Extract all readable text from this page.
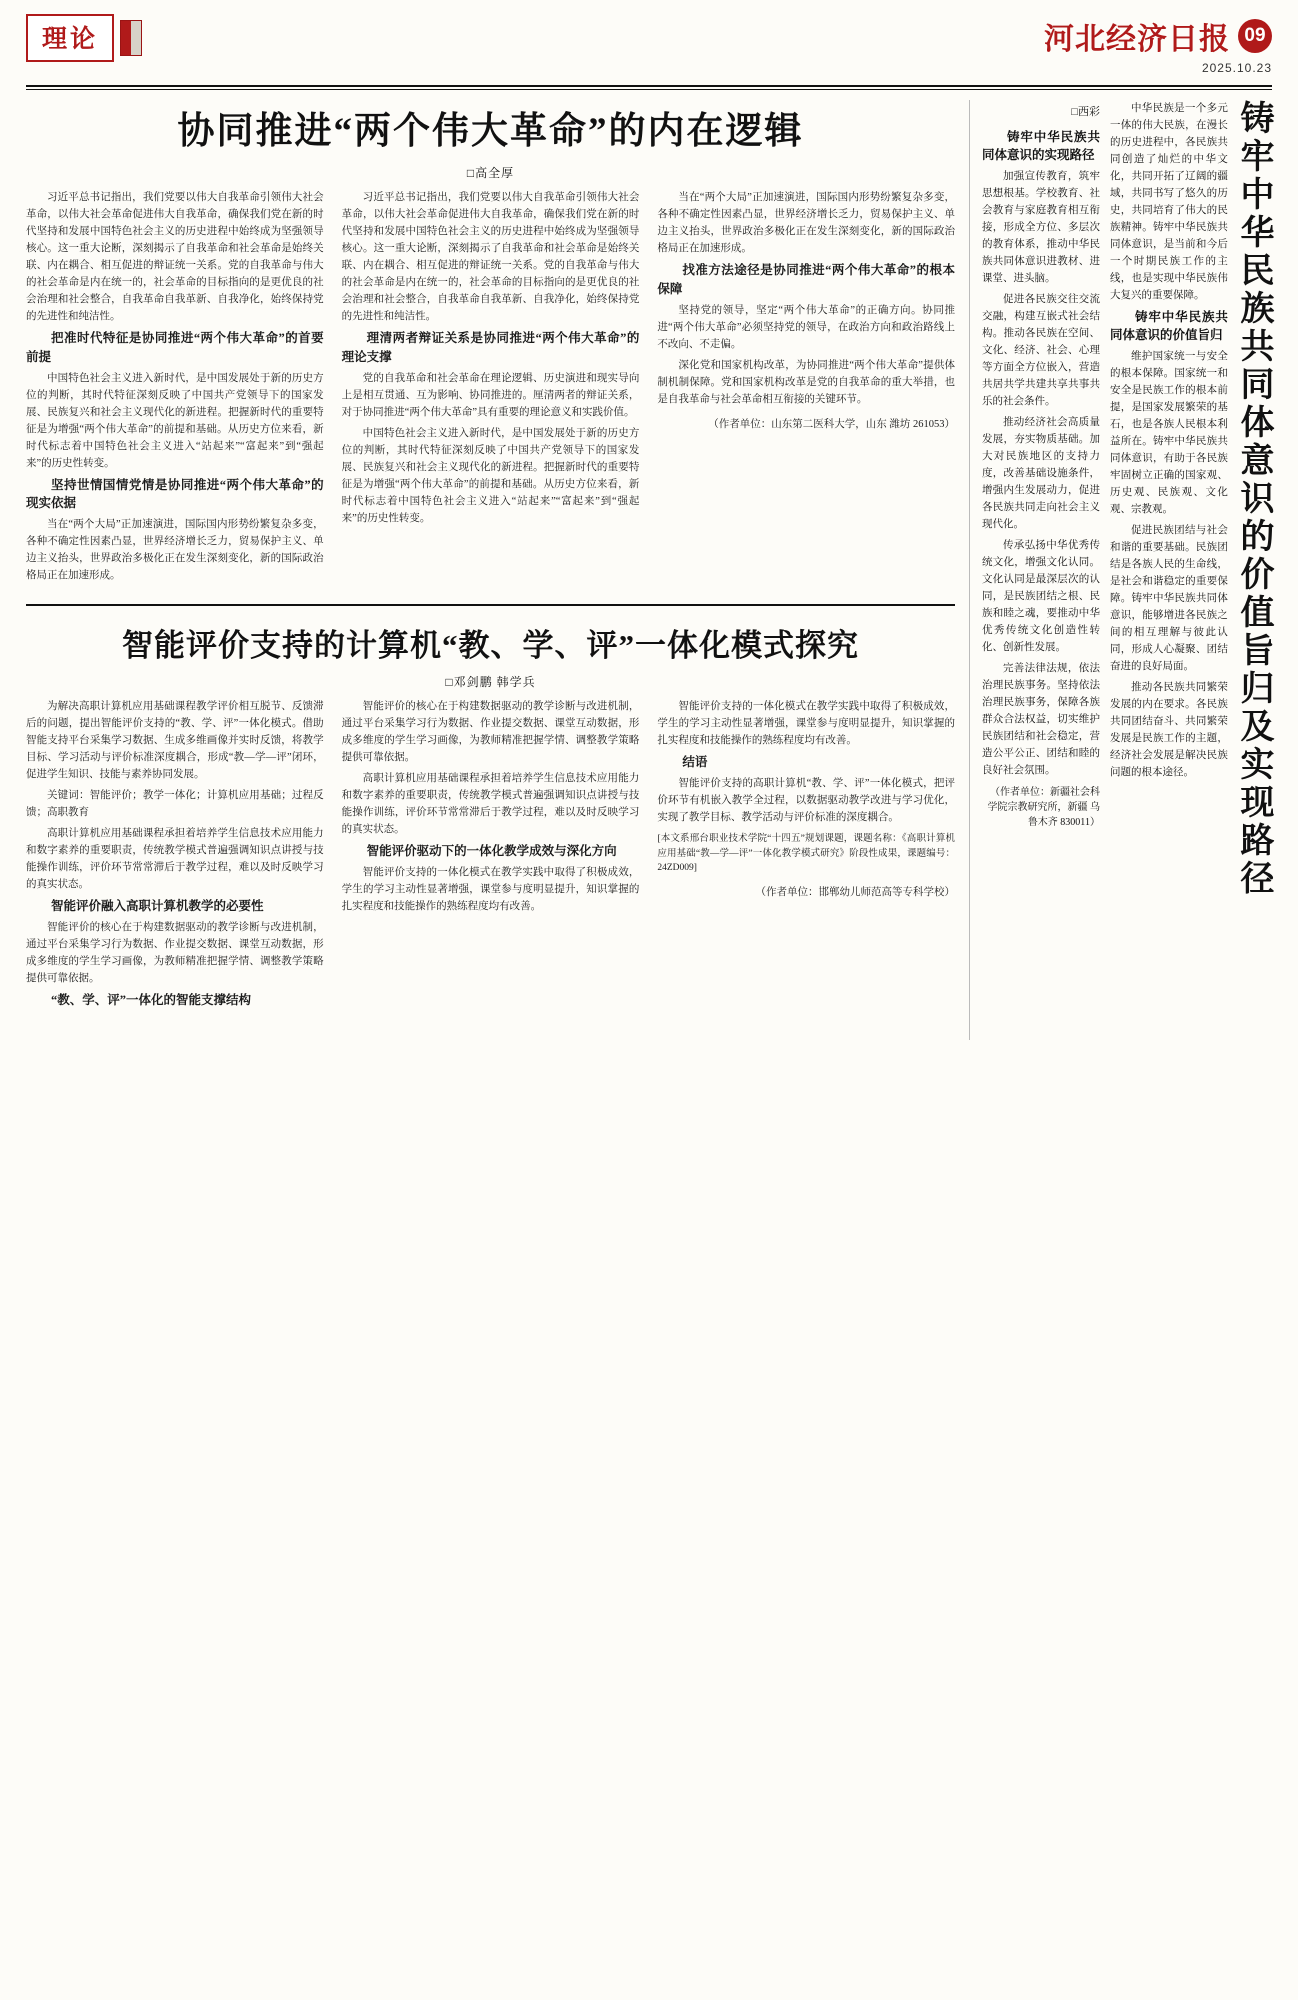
理论	河北经济日报 09
2025.10.23
协同推进“两个伟大革命”的内在逻辑
□高全厚

习近平总书记指出，我们党要以伟大自我革命引领伟大社会革命，以伟大社会革命促进伟大自我革命，确保我们党在新的时代坚持和发展中国特色社会主义的历史进程中始终成为坚强领导核心。这一重大论断，深刻揭示了自我革命和社会革命是始终关联、内在耦合、相互促进的辩证统一关系。党的自我革命与伟大的社会革命是内在统一的，社会革命的目标指向的是更优良的社会治理和社会整合，自我革命自我革新、自我净化，始终保持党的先进性和纯洁性。

把准时代特征是协同推进“两个伟大革命”的首要前提

中国特色社会主义进入新时代，是中国发展处于新的历史方位的判断，其时代特征深刻反映了中国共产党领导下的国家发展、民族复兴和社会主义现代化的新进程。把握新时代的重要特征是为增强“两个伟大革命”的前提和基础。从历史方位来看，新时代标志着中国特色社会主义进入“站起来”“富起来”到“强起来”的历史性转变。

坚持世情国情党情是协同推进“两个伟大革命”的现实依据

当在“两个大局”正加速演进，国际国内形势纷繁复杂多变，各种不确定性因素凸显，世界经济增长乏力，贸易保护主义、单边主义抬头，世界政治多极化正在发生深刻变化，新的国际政治格局正在加速形成。

习近平总书记指出，我们党要以伟大自我革命引领伟大社会革命，以伟大社会革命促进伟大自我革命，确保我们党在新的时代坚持和发展中国特色社会主义的历史进程中始终成为坚强领导核心。这一重大论断，深刻揭示了自我革命和社会革命是始终关联、内在耦合、相互促进的辩证统一关系。党的自我革命与伟大的社会革命是内在统一的，社会革命的目标指向的是更优良的社会治理和社会整合，自我革命自我革新、自我净化，始终保持党的先进性和纯洁性。

理清两者辩证关系是协同推进“两个伟大革命”的理论支撑

党的自我革命和社会革命在理论逻辑、历史演进和现实导向上是相互贯通、互为影响、协同推进的。厘清两者的辩证关系，对于协同推进“两个伟大革命”具有重要的理论意义和实践价值。

中国特色社会主义进入新时代，是中国发展处于新的历史方位的判断，其时代特征深刻反映了中国共产党领导下的国家发展、民族复兴和社会主义现代化的新进程。把握新时代的重要特征是为增强“两个伟大革命”的前提和基础。从历史方位来看，新时代标志着中国特色社会主义进入“站起来”“富起来”到“强起来”的历史性转变。

当在“两个大局”正加速演进，国际国内形势纷繁复杂多变，各种不确定性因素凸显，世界经济增长乏力，贸易保护主义、单边主义抬头，世界政治多极化正在发生深刻变化，新的国际政治格局正在加速形成。

找准方法途径是协同推进“两个伟大革命”的根本保障

坚持党的领导，坚定“两个伟大革命”的正确方向。协同推进“两个伟大革命”必须坚持党的领导，在政治方向和政治路线上不改向、不走偏。

深化党和国家机构改革，为协同推进“两个伟大革命”提供体制机制保障。党和国家机构改革是党的自我革命的重大举措，也是自我革命与社会革命相互衔接的关键环节。

（作者单位：山东第二医科大学，山东 潍坊 261053）
智能评价支持的计算机“教、学、评”一体化模式探究
□邓剑鹏 韩学兵

为解决高职计算机应用基础课程教学评价相互脱节、反馈滞后的问题，提出智能评价支持的“教、学、评”一体化模式。借助智能支持平台采集学习数据、生成多维画像并实时反馈，将教学目标、学习活动与评价标准深度耦合，形成“教—学—评”闭环，促进学生知识、技能与素养协同发展。

关键词：智能评价；教学一体化；计算机应用基础；过程反馈；高职教育

高职计算机应用基础课程承担着培养学生信息技术应用能力和数字素养的重要职责，传统教学模式普遍强调知识点讲授与技能操作训练，评价环节常常滞后于教学过程，难以及时反映学习的真实状态。

智能评价融入高职计算机教学的必要性

智能评价的核心在于构建数据驱动的教学诊断与改进机制，通过平台采集学习行为数据、作业提交数据、课堂互动数据，形成多维度的学生学习画像，为教师精准把握学情、调整教学策略提供可靠依据。

“教、学、评”一体化的智能支撑结构

智能评价的核心在于构建数据驱动的教学诊断与改进机制，通过平台采集学习行为数据、作业提交数据、课堂互动数据，形成多维度的学生学习画像，为教师精准把握学情、调整教学策略提供可靠依据。

高职计算机应用基础课程承担着培养学生信息技术应用能力和数字素养的重要职责，传统教学模式普遍强调知识点讲授与技能操作训练，评价环节常常滞后于教学过程，难以及时反映学习的真实状态。

智能评价驱动下的一体化教学成效与深化方向

智能评价支持的一体化模式在教学实践中取得了积极成效，学生的学习主动性显著增强，课堂参与度明显提升，知识掌握的扎实程度和技能操作的熟练程度均有改善。

智能评价支持的一体化模式在教学实践中取得了积极成效，学生的学习主动性显著增强，课堂参与度明显提升，知识掌握的扎实程度和技能操作的熟练程度均有改善。

结语

智能评价支持的高职计算机“教、学、评”一体化模式，把评价环节有机嵌入教学全过程，以数据驱动教学改进与学习优化，实现了教学目标、教学活动与评价标准的深度耦合。

[本文系邢台职业技术学院“十四五”规划课题，课题名称：《高职计算机应用基础“教—学—评”一体化教学模式研究》阶段性成果，课题编号：24ZD009]
（作者单位：邯郸幼儿师范高等专科学校）	铸牢中华民族共同体意识的价值旨归及实现路径

中华民族是一个多元一体的伟大民族，在漫长的历史进程中，各民族共同创造了灿烂的中华文化，共同开拓了辽阔的疆域，共同书写了悠久的历史，共同培育了伟大的民族精神。铸牢中华民族共同体意识，是当前和今后一个时期民族工作的主线，也是实现中华民族伟大复兴的重要保障。

铸牢中华民族共同体意识的价值旨归

维护国家统一与安全的根本保障。国家统一和安全是民族工作的根本前提，是国家发展繁荣的基石，也是各族人民根本利益所在。铸牢中华民族共同体意识，有助于各民族牢固树立正确的国家观、历史观、民族观、文化观、宗教观。

促进民族团结与社会和谐的重要基础。民族团结是各族人民的生命线，是社会和谐稳定的重要保障。铸牢中华民族共同体意识，能够增进各民族之间的相互理解与彼此认同，形成人心凝聚、团结奋进的良好局面。

推动各民族共同繁荣发展的内在要求。各民族共同团结奋斗、共同繁荣发展是民族工作的主题，经济社会发展是解决民族问题的根本途径。

□西彩

铸牢中华民族共同体意识的实现路径

加强宣传教育，筑牢思想根基。学校教育、社会教育与家庭教育相互衔接，形成全方位、多层次的教育体系，推动中华民族共同体意识进教材、进课堂、进头脑。

促进各民族交往交流交融，构建互嵌式社会结构。推动各民族在空间、文化、经济、社会、心理等方面全方位嵌入，营造共居共学共建共享共事共乐的社会条件。

推动经济社会高质量发展，夯实物质基础。加大对民族地区的支持力度，改善基础设施条件，增强内生发展动力，促进各民族共同走向社会主义现代化。

传承弘扬中华优秀传统文化，增强文化认同。文化认同是最深层次的认同，是民族团结之根、民族和睦之魂，要推动中华优秀传统文化创造性转化、创新性发展。

完善法律法规，依法治理民族事务。坚持依法治理民族事务，保障各族群众合法权益，切实维护民族团结和社会稳定，营造公平公正、团结和睦的良好社会氛围。

（作者单位：新疆社会科学院宗教研究所，新疆 乌鲁木齐 830011）
